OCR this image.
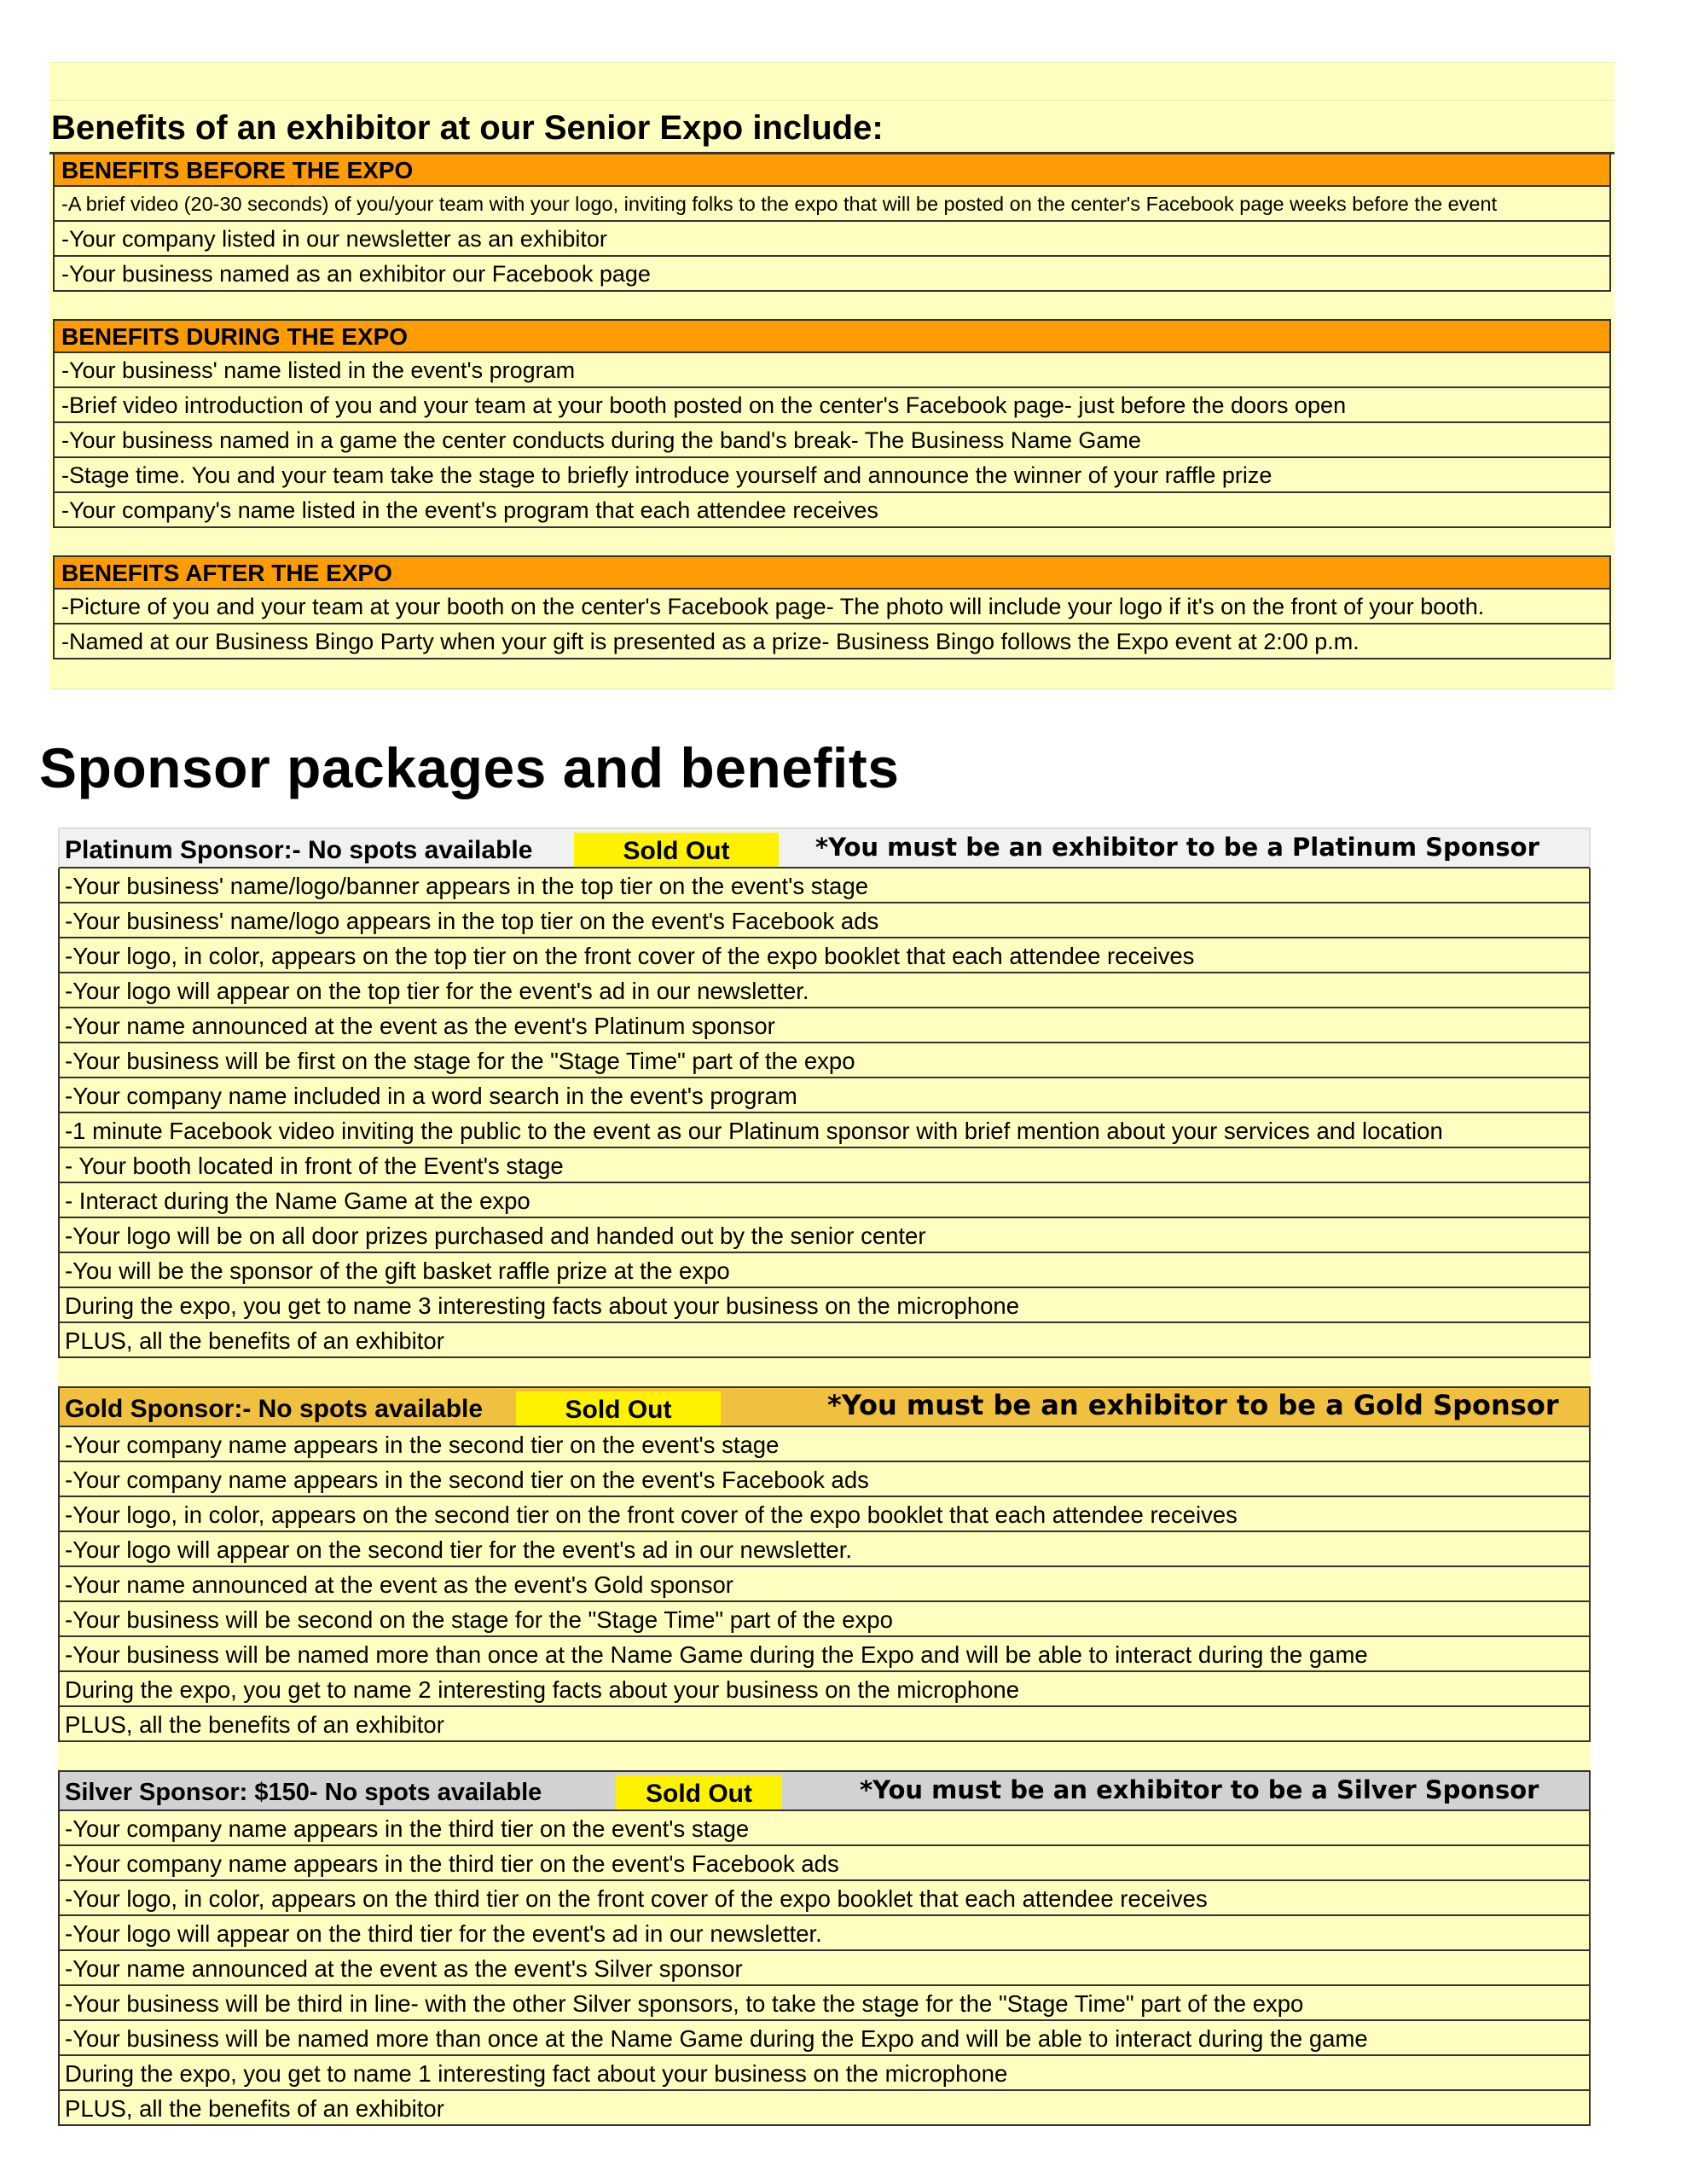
Benefits of an exhibitor at our Senior Expo include:
BENEFITS BEFORE THE EXPO
-A brief video (20-30 seconds) of you/your team with your logo, inviting folks to the expo that will be posted on the center's Facebook page weeks before the event
-Your company listed in our newsletter as an exhibitor
-Your business named as an exhibitor our Facebook page
BENEFITS DURING THE EXPO
-Your business' name listed in the event's program
-Brief video introduction of you and your team at your booth posted on the center's Facebook page- just before the doors open
-Your business named in a game the center conducts during the band's break- The Business Name Game
-Stage time. You and your team take the stage to briefly introduce yourself and announce the winner of your raffle prize
-Your company's name listed in the event's program that each attendee receives
BENEFITS AFTER THE EXPO
-Picture of you and your team at your booth on the center's Facebook page- The photo will include your logo if it's on the front of your booth.
-Named at our Business Bingo Party when your gift is presented as a prize- Business Bingo follows the Expo event at 2:00 p.m.
Sponsor packages and benefits
Platinum Sponsor:- No spots available	Sold Out	*You must be an exhibitor to be a Platinum Sponsor
-Your business' name/logo/banner appears in the top tier on the event's stage
-Your business' name/logo appears in the top tier on the event's Facebook ads
-Your logo, in color, appears on the top tier on the front cover of the expo booklet that each attendee receives
-Your logo will appear on the top tier for the event's ad in our newsletter.
-Your name announced at the event as the event's Platinum sponsor
-Your business will be first on the stage for the "Stage Time" part of the expo
-Your company name included in a word search in the event's program
-1 minute Facebook video inviting the public to the event as our Platinum sponsor with brief mention about your services and location
- Your booth located in front of the Event's stage
- Interact during the Name Game at the expo
-Your logo will be on all door prizes purchased and handed out by the senior center
-You will be the sponsor of the gift basket raffle prize at the expo
During the expo, you get to name 3 interesting facts about your business on the microphone
PLUS, all the benefits of an exhibitor
Gold Sponsor:- No spots available	Sold Out	*You must be an exhibitor to be a Gold Sponsor
-Your company name appears in the second tier on the event's stage
-Your company name appears in the second tier on the event's Facebook ads
-Your logo, in color, appears on the second tier on the front cover of the expo booklet that each attendee receives
-Your logo will appear on the second tier for the event's ad in our newsletter.
-Your name announced at the event as the event's Gold sponsor
-Your business will be second on the stage for the "Stage Time" part of the expo
-Your business will be named more than once at the Name Game during the Expo and will be able to interact during the game
During the expo, you get to name 2 interesting facts about your business on the microphone
PLUS, all the benefits of an exhibitor
Silver Sponsor: $150- No spots available	Sold Out	*You must be an exhibitor to be a Silver Sponsor
-Your company name appears in the third tier on the event's stage
-Your company name appears in the third tier on the event's Facebook ads
-Your logo, in color, appears on the third tier on the front cover of the expo booklet that each attendee receives
-Your logo will appear on the third tier for the event's ad in our newsletter.
-Your name announced at the event as the event's Silver sponsor
-Your business will be third in line- with the other Silver sponsors, to take the stage for the "Stage Time" part of the expo
-Your business will be named more than once at the Name Game during the Expo and will be able to interact during the game
During the expo, you get to name 1 interesting fact about your business on the microphone
PLUS, all the benefits of an exhibitor
